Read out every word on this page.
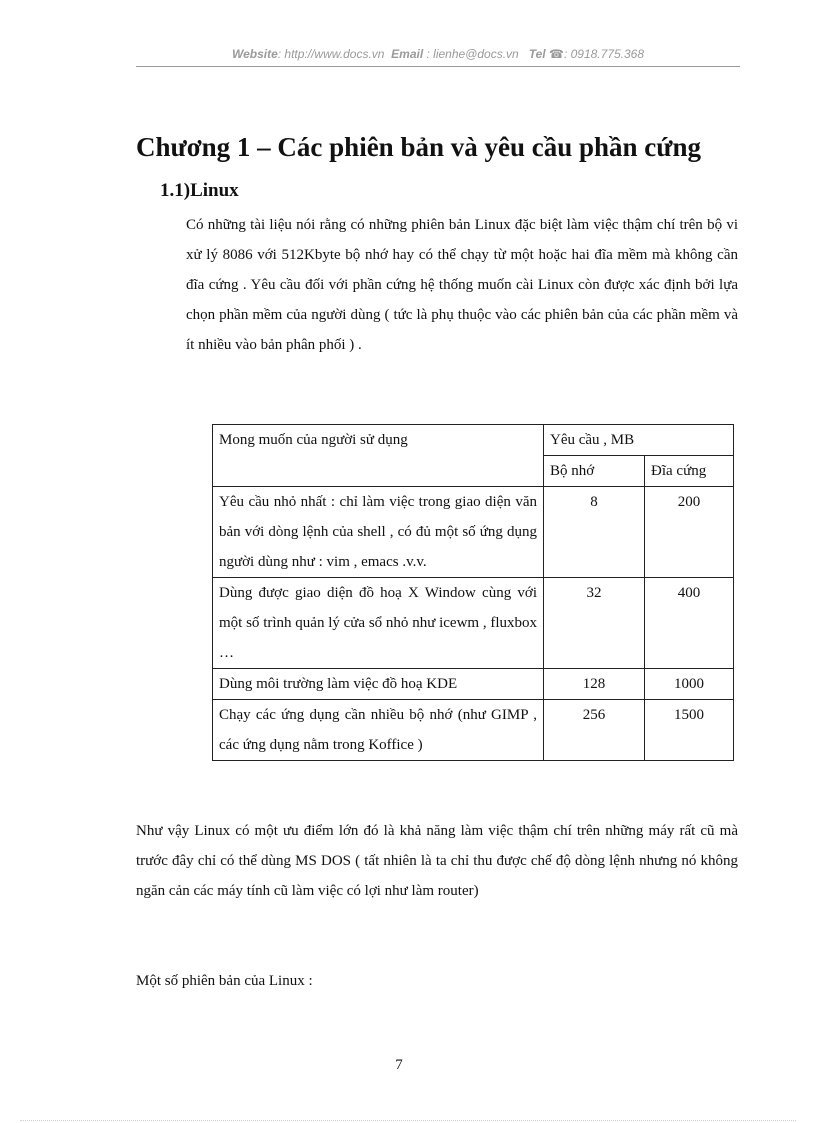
Website: http://www.docs.vn Email : lienhe@docs.vn Tel ☎: 0918.775.368
Chương 1 – Các phiên bản và yêu cầu phần cứng
1.1)Linux

Có những tài liệu nói rằng có những phiên bản Linux đặc biệt làm việc thậm chí trên bộ vi xử lý 8086 với 512Kbyte bộ nhớ hay có thể chạy từ một hoặc hai đĩa mềm mà không cần đĩa cứng . Yêu cầu đối với phần cứng hệ thống muốn cài Linux còn được xác định bởi lựa chọn phần mềm của người dùng ( tức là phụ thuộc vào các phiên bản của các phần mềm và ít nhiều vào bản phân phối ) .

Mong muốn của người sử dụng	Yêu cầu , MB	
	Bộ nhớ	Đĩa cứng
Yêu cầu nhỏ nhất : chỉ làm việc trong giao diện văn bản với dòng lệnh của shell , có đủ một số ứng dụng người dùng như : vim , emacs .v.v.	8	200
Dùng được giao diện đồ hoạ X Window cùng với một số trình quản lý cửa sổ nhỏ như icewm , fluxbox …	32	400
Dùng môi trường làm việc đồ hoạ KDE	128	1000
Chạy các ứng dụng cần nhiều bộ nhớ (như GIMP , các ứng dụng nằm trong Koffice )	256	1500

Như vậy Linux có một ưu điểm lớn đó là khả năng làm việc thậm chí trên những máy rất cũ mà trước đây chỉ có thể dùng MS DOS ( tất nhiên là ta chỉ thu được chế độ dòng lệnh nhưng nó không ngăn cản các máy tính cũ làm việc có lợi như làm router)

Một số phiên bản của Linux :

7
